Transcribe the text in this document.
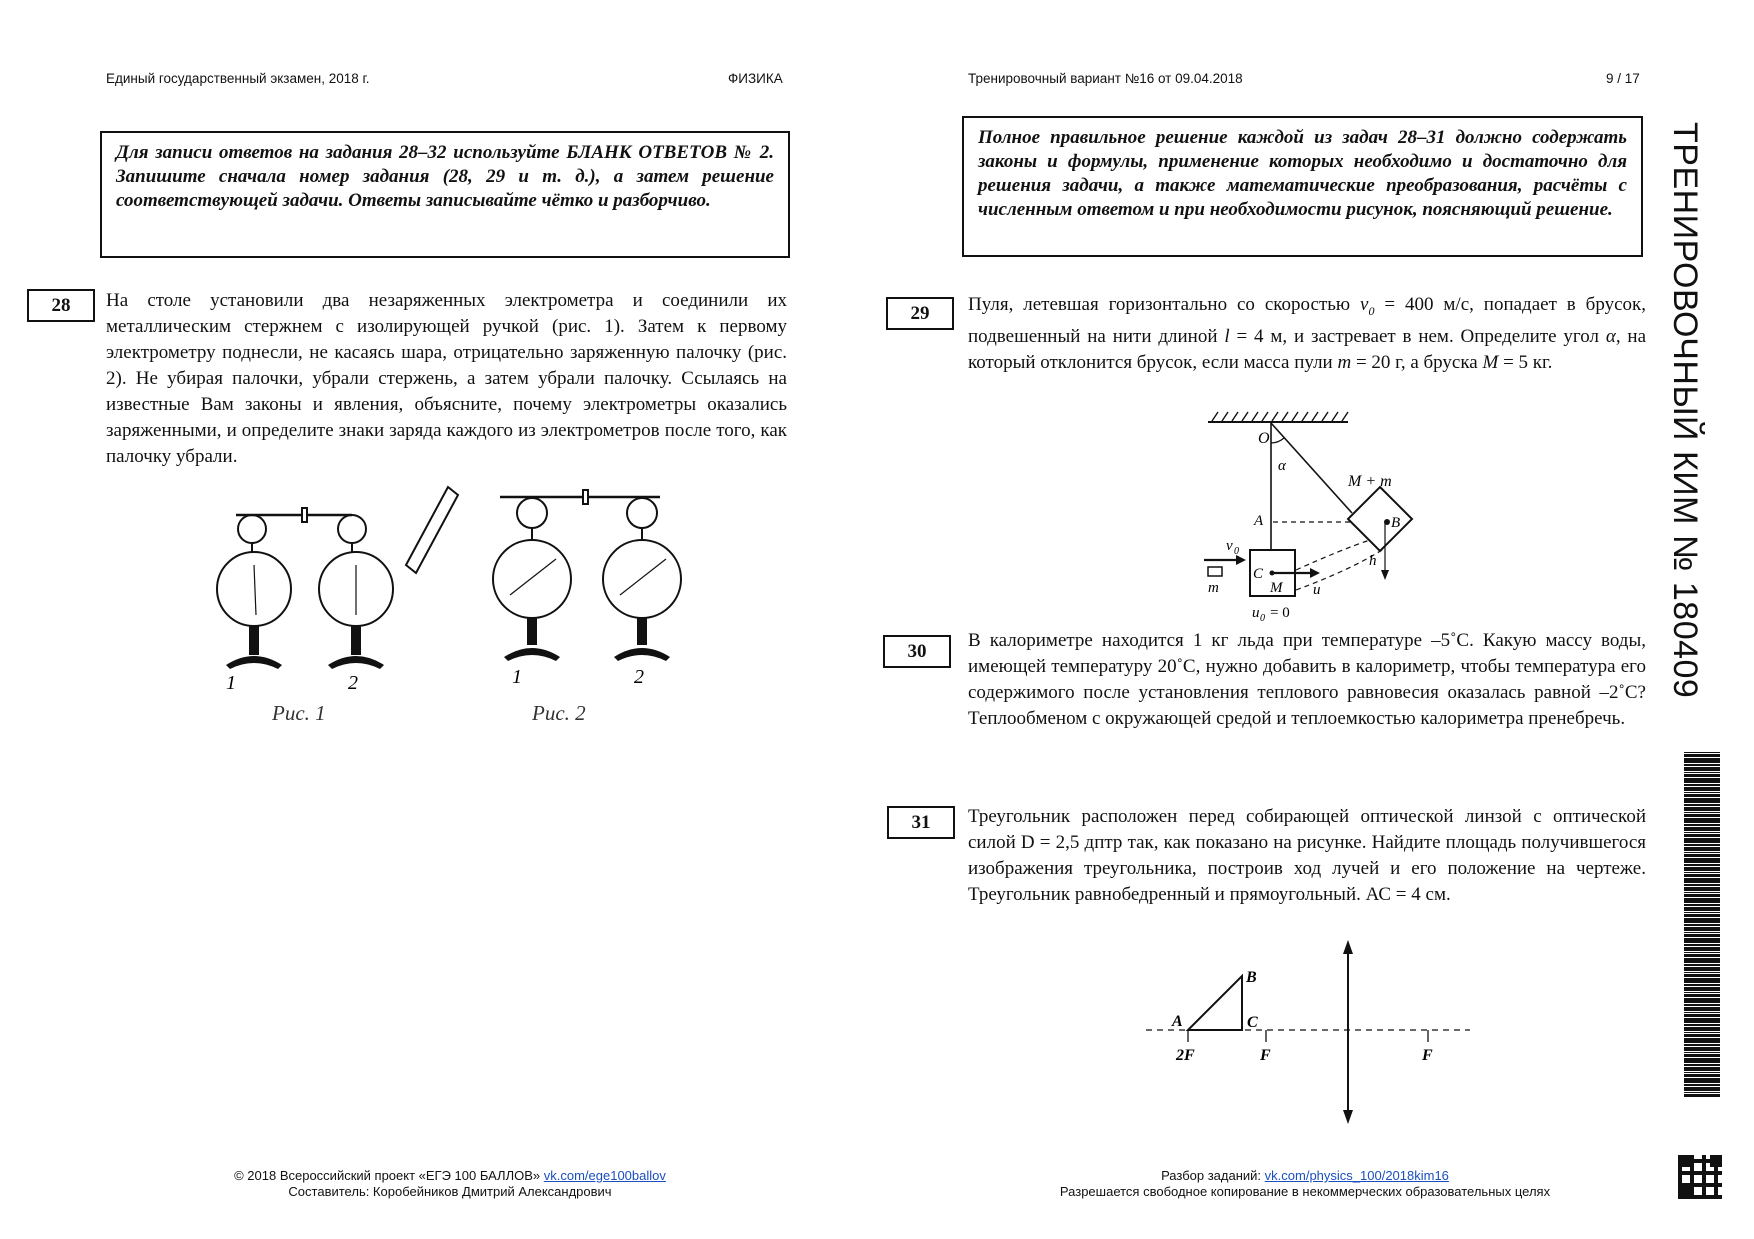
Единый государственный экзамен, 2018 г.	ФИЗИКА	Тренировочный вариант №16 от 09.04.2018	9 / 17
Для записи ответов на задания 28–32 используйте БЛАНК ОТВЕТОВ № 2. Запишите сначала номер задания (28, 29 и т. д.), а затем решение соответствующей задачи. Ответы записывайте чётко и разборчиво.
Полное правильное решение каждой из задач 28–31 должно содержать законы и формулы, применение которых необходимо и достаточно для решения задачи, а также математические преобразования, расчёты с численным ответом и при необходимости рисунок, поясняющий решение.
28	На столе установили два незаряженных электрометра и соединили их металлическим стержнем с изолирующей ручкой (рис. 1). Затем к первому электрометру поднесли, не касаясь шара, отрицательно заряженную палочку (рис. 2). Не убирая палочки, убрали стержень, а затем убрали палочку. Ссылаясь на известные Вам законы и явления, объясните, почему электрометры оказались заряженными, и определите знаки заряда каждого из электрометров после того, как палочку убрали.
1	2	1	2
Рис. 1	Рис. 2
29	Пуля, летевшая горизонтально со скоростью $v_0 = 400$ м/с, попадает в брусок, подвешенный на нити длиной l = 4 м, и застревает в нем. Определите угол α, на который отклонится брусок, если масса пули m = 20 г, а бруска M = 5 кг.
O
α
M + m
A	B
C
M
h
v 0
m	u
u 0 = 0
30	В калориметре находится 1 кг льда при температуре –5˚С. Какую массу воды, имеющей температуру 20˚С, нужно добавить в калориметр, чтобы температура его содержимого после установления теплового равновесия оказалась равной –2˚С? Теплообменом с окружающей средой и теплоемкостью калориметра пренебречь.
31	Треугольник расположен перед собирающей оптической линзой с оптической силой D = 2,5 дптр так, как показано на рисунке. Найдите площадь получившегося изображения треугольника, построив ход лучей и его положение на чертеже. Треугольник равнобедренный и прямоугольный. АС = 4 см.
A
B
C
2F	F	F
ТРЕНИРОВОЧНЫЙ КИМ № 180409
© 2018 Всероссийский проект «ЕГЭ 100 БАЛЛОВ» vk.com/ege100ballov
Составитель: Коробейников Дмитрий Александрович
Разбор заданий: vk.com/physics_100/2018kim16
Разрешается свободное копирование в некоммерческих образовательных целях
